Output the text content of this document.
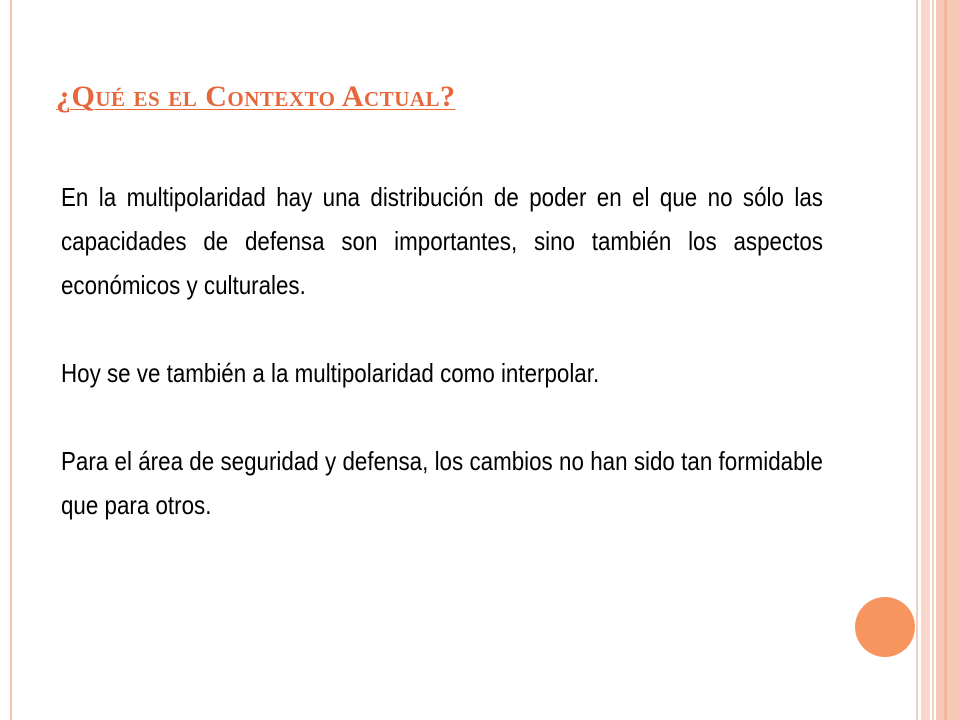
¿Qué es el Contexto Actual?

En la multipolaridad hay una distribución de poder en el que no sólo las capacidades de defensa son importantes, sino también los aspectos económicos y culturales.

Hoy se ve también a la multipolaridad como interpolar.

Para el área de seguridad y defensa, los cambios no han sido tan formidable que para otros.
